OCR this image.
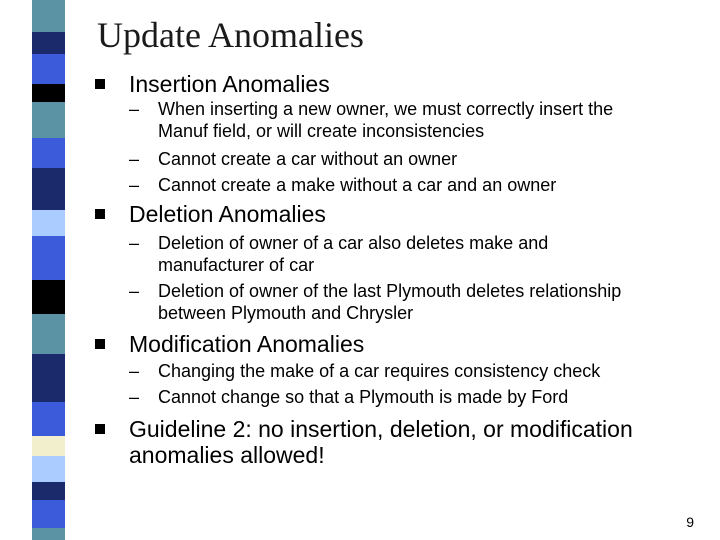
Update Anomalies
Insertion Anomalies
– When inserting a new owner, we must correctly insert the
Manuf field, or will create inconsistencies
– Cannot create a car without an owner
– Cannot create a make without a car and an owner
Deletion Anomalies
– Deletion of owner of a car also deletes make and
manufacturer of car
– Deletion of owner of the last Plymouth deletes relationship
between Plymouth and Chrysler
Modification Anomalies
– Changing the make of a car requires consistency check
– Cannot change so that a Plymouth is made by Ford
Guideline 2: no insertion, deletion, or modification
anomalies allowed!
9
